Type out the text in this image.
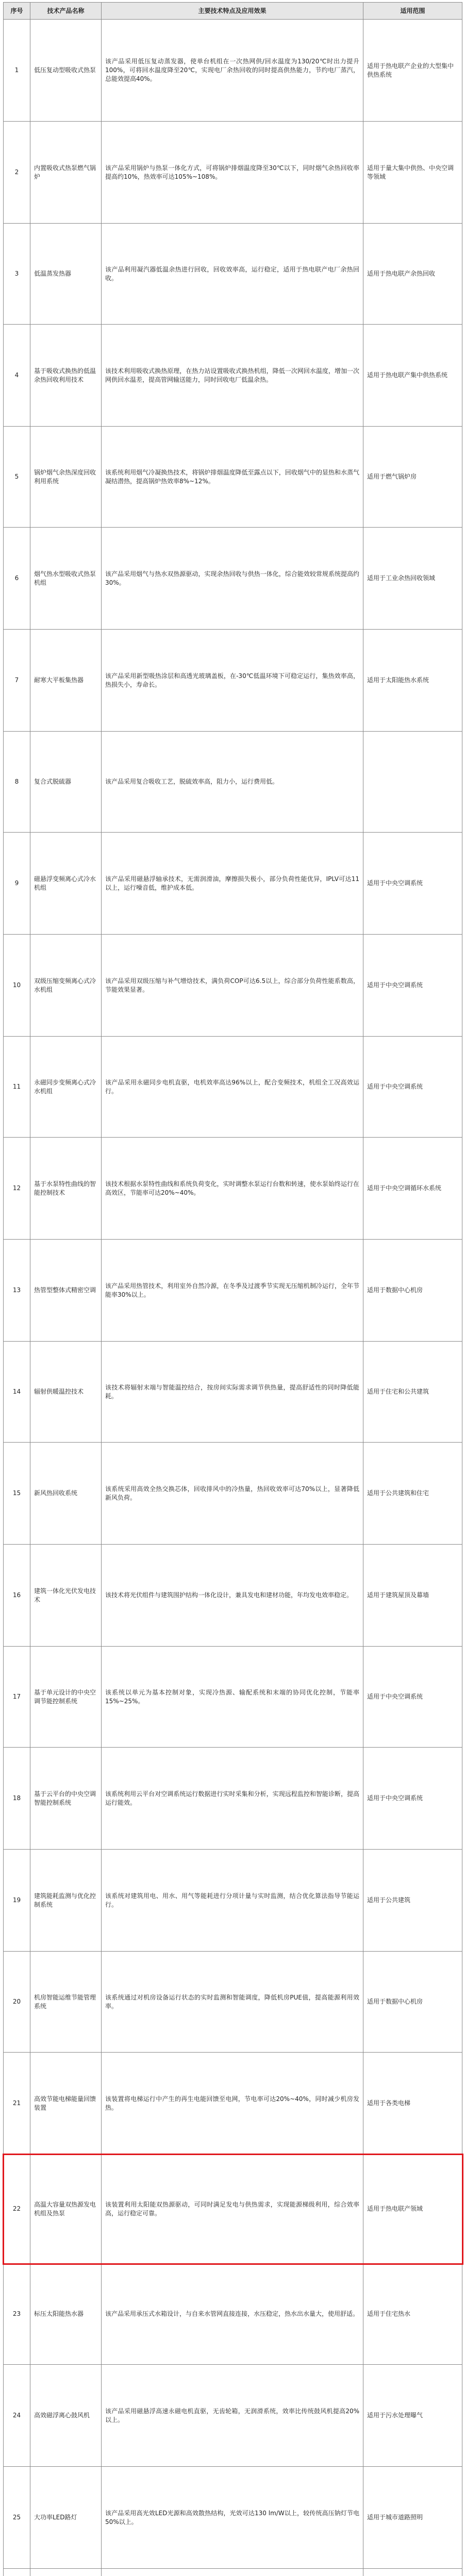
序号	技术产品名称	主要技术特点及应用效果	适用范围
1	低压复动型吸收式热泵	该产品采用低压复动蒸发器，使单台机组在一次热网供/回水温度为130/20℃时出力提升100%，可将回水温度降至20℃，实现电厂余热回收的同时提高供热能力，节约电厂蒸汽，总能效提高40%。	适用于热电联产企业的大型集中供热系统
2	内置吸收式热泵燃气锅炉	该产品采用锅炉与热泵一体化方式，可将锅炉排烟温度降至30℃以下，同时烟气余热回收率提高约10%，热效率可达105%~108%。	适用于量大集中供热、中央空调等领域
3	低温蒸发热器	该产品利用凝汽器低温余热进行回收，回收效率高，运行稳定，适用于热电联产电厂余热回收。	适用于热电联产余热回收
4	基于吸收式换热的低温余热回收利用技术	该技术利用吸收式换热原理，在热力站设置吸收式换热机组，降低一次网回水温度，增加一次网供回水温差，提高管网输送能力，同时回收电厂低温余热。	适用于热电联产集中供热系统
5	锅炉烟气余热深度回收利用系统	该系统利用烟气冷凝换热技术，将锅炉排烟温度降低至露点以下，回收烟气中的显热和水蒸气凝结潜热，提高锅炉热效率8%~12%。	适用于燃气锅炉房
6	烟气热水型吸收式热泵机组	该产品采用烟气与热水双热源驱动，实现余热回收与供热一体化，综合能效较常规系统提高约30%。	适用于工业余热回收领域
7	耐寒大平板集热器	该产品采用新型吸热涂层和高透光玻璃盖板，在-30℃低温环境下可稳定运行，集热效率高，热损失小，寿命长。	适用于太阳能热水系统
8	复合式脱硫器	该产品采用复合吸收工艺，脱硫效率高，阻力小，运行费用低。	
9	磁悬浮变频离心式冷水机组	该产品采用磁悬浮轴承技术，无需润滑油，摩擦损失极小，部分负荷性能优异，IPLV可达11以上，运行噪音低，维护成本低。	适用于中央空调系统
10	双级压缩变频离心式冷水机组	该产品采用双级压缩与补气增焓技术，满负荷COP可达6.5以上，综合部分负荷性能系数高，节能效果显著。	适用于中央空调系统
11	永磁同步变频离心式冷水机组	该产品采用永磁同步电机直驱，电机效率高达96%以上，配合变频技术，机组全工况高效运行。	适用于中央空调系统
12	基于水泵特性曲线的智能控制技术	该技术根据水泵特性曲线和系统负荷变化，实时调整水泵运行台数和转速，使水泵始终运行在高效区，节能率可达20%~40%。	适用于中央空调循环水系统
13	热管型整体式精密空调	该产品采用热管技术，利用室外自然冷源，在冬季及过渡季节实现无压缩机制冷运行，全年节能率30%以上。	适用于数据中心机房
14	辐射供暖温控技术	该技术将辐射末端与智能温控结合，按房间实际需求调节供热量，提高舒适性的同时降低能耗。	适用于住宅和公共建筑
15	新风热回收系统	该系统采用高效全热交换芯体，回收排风中的冷热量，热回收效率可达70%以上，显著降低新风负荷。	适用于公共建筑和住宅
16	建筑一体化光伏发电技术	该技术将光伏组件与建筑围护结构一体化设计，兼具发电和建材功能，年均发电效率稳定。	适用于建筑屋顶及幕墙
17	基于单元设计的中央空调节能控制系统	该系统以单元为基本控制对象，实现冷热源、输配系统和末端的协同优化控制，节能率15%~25%。	适用于中央空调系统
18	基于云平台的中央空调智能控制系统	该系统利用云平台对空调系统运行数据进行实时采集和分析，实现远程监控和智能诊断，提高运行能效。	适用于中央空调系统
19	建筑能耗监测与优化控制系统	该系统对建筑用电、用水、用气等能耗进行分项计量与实时监测，结合优化算法指导节能运行。	适用于公共建筑
20	机房智能运维节能管理系统	该系统通过对机房设备运行状态的实时监测和智能调度，降低机房PUE值，提高能源利用效率。	适用于数据中心机房
21	高效节能电梯能量回馈装置	该装置将电梯运行中产生的再生电能回馈至电网，节电率可达20%~40%，同时减少机房发热。	适用于各类电梯
22	高温大容量双热源发电机组及热泵	该装置利用太阳能双热源驱动，可同时满足发电与供热需求，实现能源梯级利用，综合效率高，运行稳定可靠。	适用于热电联产领域
23	标压太阳能热水器	该产品采用承压式水箱设计，与自来水管网直接连接，水压稳定，热水出水量大，使用舒适。	适用于住宅热水
24	高效磁浮离心鼓风机	该产品采用磁悬浮高速永磁电机直驱，无齿轮箱，无润滑系统，效率比传统鼓风机提高20%以上。	适用于污水处理曝气
25	大功率LED路灯	该产品采用高光效LED光源和高效散热结构，光效可达130 lm/W以上，较传统高压钠灯节电50%以上。	适用于城市道路照明
